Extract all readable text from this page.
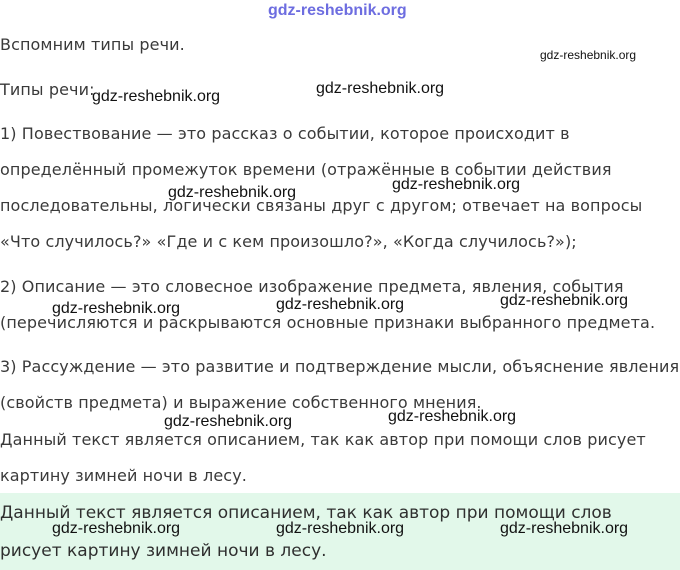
gdz-reshebnik.org
Вспомним типы речи.
Типы речи:
1) Повествование — это рассказ о событии, которое происходит в
определённый промежуток времени (отражённые в событии действия
последовательны, логически связаны друг с другом; отвечает на вопросы
«Что случилось?» «Где и с кем произошло?», «Когда случилось?»);
2) Описание — это словесное изображение предмета, явления, события
(перечисляются и раскрываются основные признаки выбранного предмета.
3) Рассуждение — это развитие и подтверждение мысли, объяснение явления
(свойств предмета) и выражение собственного мнения.
Данный текст является описанием, так как автор при помощи слов рисует
картину зимней ночи в лесу.
Данный текст является описанием, так как автор при помощи слов
рисует картину зимней ночи в лесу.
gdz-reshebnik.org
gdz-reshebnik.org
gdz-reshebnik.org
gdz-reshebnik.org
gdz-reshebnik.org
gdz-reshebnik.org
gdz-reshebnik.org
gdz-reshebnik.org
gdz-reshebnik.org
gdz-reshebnik.org
gdz-reshebnik.org
gdz-reshebnik.org
gdz-reshebnik.org
